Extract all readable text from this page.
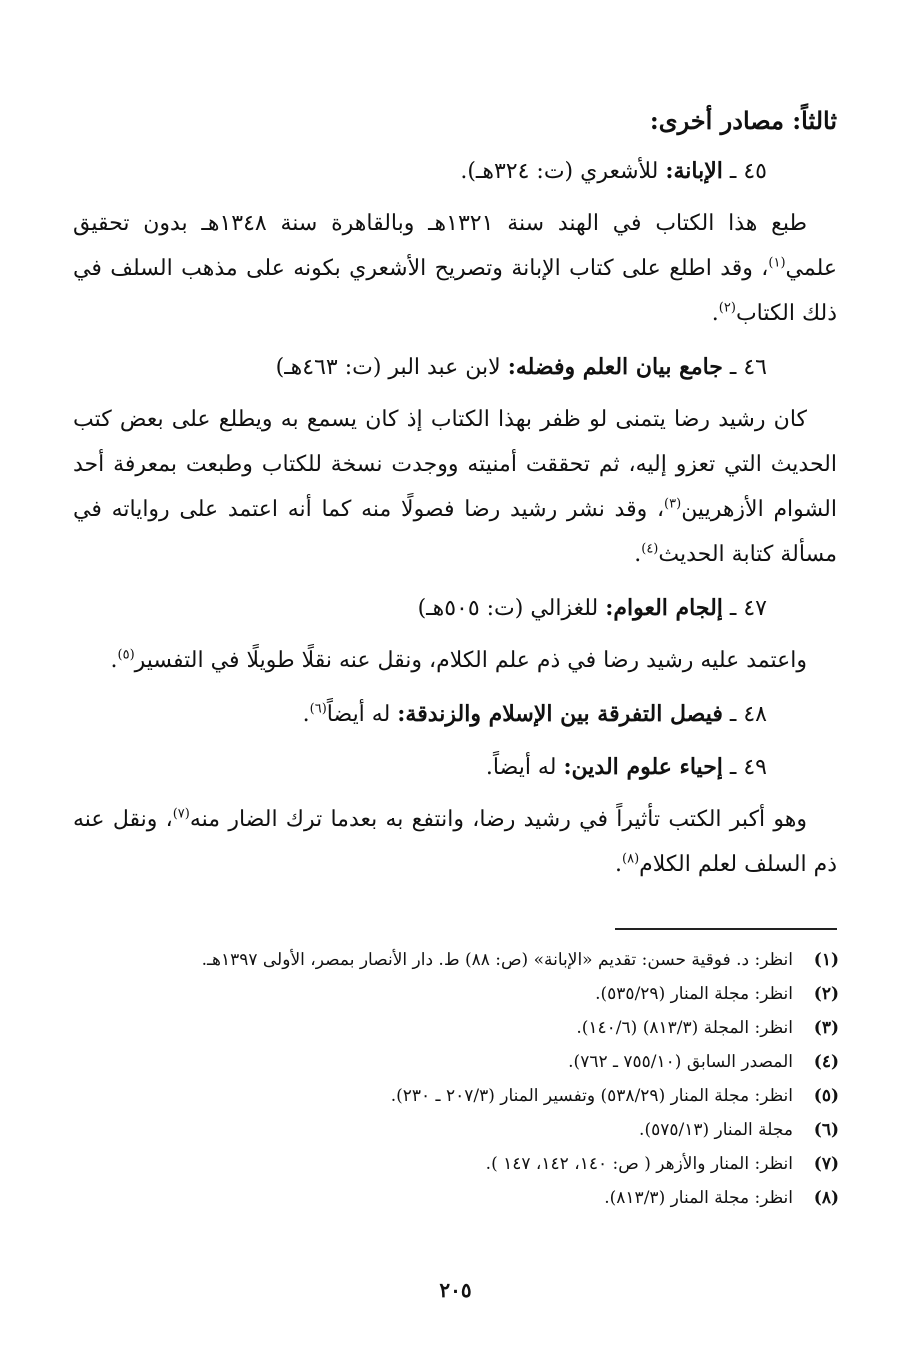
ثالثاً: مصادر أخرى:
٤٥ ـ الإبانة: للأشعري (ت: ٣٢٤هـ).

طبع هذا الكتاب في الهند سنة ١٣٢١هـ وبالقاهرة سنة ١٣٤٨هـ بدون تحقيق علمي$^{(١)}$، وقد اطلع على كتاب الإبانة وتصريح الأشعري بكونه على مذهب السلف في ذلك الكتاب$^{(٢)}$.

٤٦ ـ جامع بيان العلم وفضله: لابن عبد البر (ت: ٤٦٣هـ)

كان رشيد رضا يتمنى لو ظفر بهذا الكتاب إذ كان يسمع به ويطلع على بعض كتب الحديث التي تعزو إليه، ثم تحققت أمنيته ووجدت نسخة للكتاب وطبعت بمعرفة أحد الشوام الأزهريين$^{(٣)}$، وقد نشر رشيد رضا فصولًا منه كما أنه اعتمد على رواياته في مسألة كتابة الحديث$^{(٤)}$.

٤٧ ـ إلجام العوام: للغزالي (ت: ٥٠٥هـ)

واعتمد عليه رشيد رضا في ذم علم الكلام، ونقل عنه نقلًا طويلًا في التفسير$^{(٥)}$.

٤٨ ـ فيصل التفرقة بين الإسلام والزندقة: له أيضاً$^{(٦)}$.
٤٩ ـ إحياء علوم الدين: له أيضاً.

وهو أكبر الكتب تأثيراً في رشيد رضا، وانتفع به بعدما ترك الضار منه$^{(٧)}$، ونقل عنه ذم السلف لعلم الكلام$^{(٨)}$.

(١)
انظر: د. فوقية حسن: تقديم «الإبانة» (ص: ٨٨) ط. دار الأنصار بمصر، الأولى ١٣٩٧هـ.
(٢)
انظر: مجلة المنار (٥٣٥/٢٩).
(٣)
انظر: المجلة (٨١٣/٣) (١٤٠/٦).
(٤)
المصدر السابق (٧٥٥/١٠ ـ ٧٦٢).
(٥)
انظر: مجلة المنار (٥٣٨/٢٩) وتفسير المنار (٢٠٧/٣ ـ ٢٣٠).
(٦)
مجلة المنار (٥٧٥/١٣).
(٧)
انظر: المنار والأزهر ( ص: ١٤٠، ١٤٢، ١٤٧ ).
(٨)
انظر: مجلة المنار (٨١٣/٣).
٢٠٥
